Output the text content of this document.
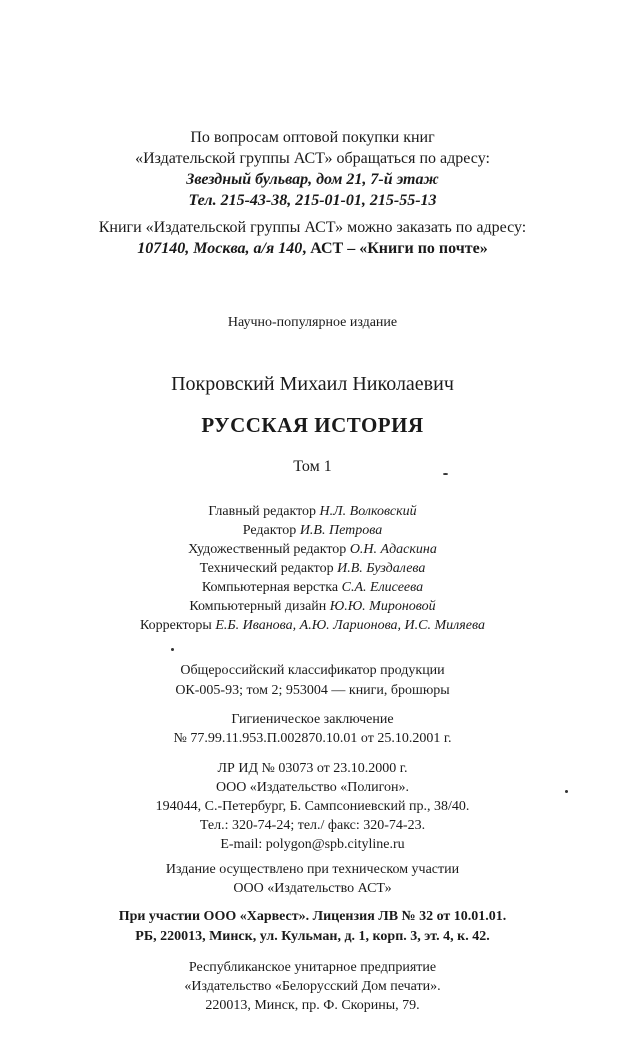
По вопросам оптовой покупки книг
«Издательской группы АСТ» обращаться по адресу:
Звездный бульвар, дом 21, 7-й этаж
Тел. 215-43-38, 215-01-01, 215-55-13
Книги «Издательской группы АСТ» можно заказать по адресу:
107140, Москва, а/я 140, АСТ – «Книги по почте»
Научно-популярное издание
Покровский Михаил Николаевич
РУССКАЯ ИСТОРИЯ
Том 1
Главный редактор Н.Л. Волковский
Редактор И.В. Петрова
Художественный редактор О.Н. Адаскина
Технический редактор И.В. Буздалева
Компьютерная верстка С.А. Елисеева
Компьютерный дизайн Ю.Ю. Мироновой
Корректоры Е.Б. Иванова, А.Ю. Ларионова, И.С. Миляева
Общероссийский классификатор продукции
ОК-005-93; том 2; 953004 — книги, брошюры
Гигиеническое заключение
№ 77.99.11.953.П.002870.10.01 от 25.10.2001 г.
ЛР ИД № 03073 от 23.10.2000 г.
ООО «Издательство «Полигон».
194044, С.-Петербург, Б. Сампсониевский пр., 38/40.
Тел.: 320-74-24; тел./ факс: 320-74-23.
E-mail: polygon@spb.cityline.ru
Издание осуществлено при техническом участии
ООО «Издательство АСТ»
При участии ООО «Харвест». Лицензия ЛВ № 32 от 10.01.01.
РБ, 220013, Минск, ул. Кульман, д. 1, корп. 3, эт. 4, к. 42.
Республиканское унитарное предприятие
«Издательство «Белорусский Дом печати».
220013, Минск, пр. Ф. Скорины, 79.
